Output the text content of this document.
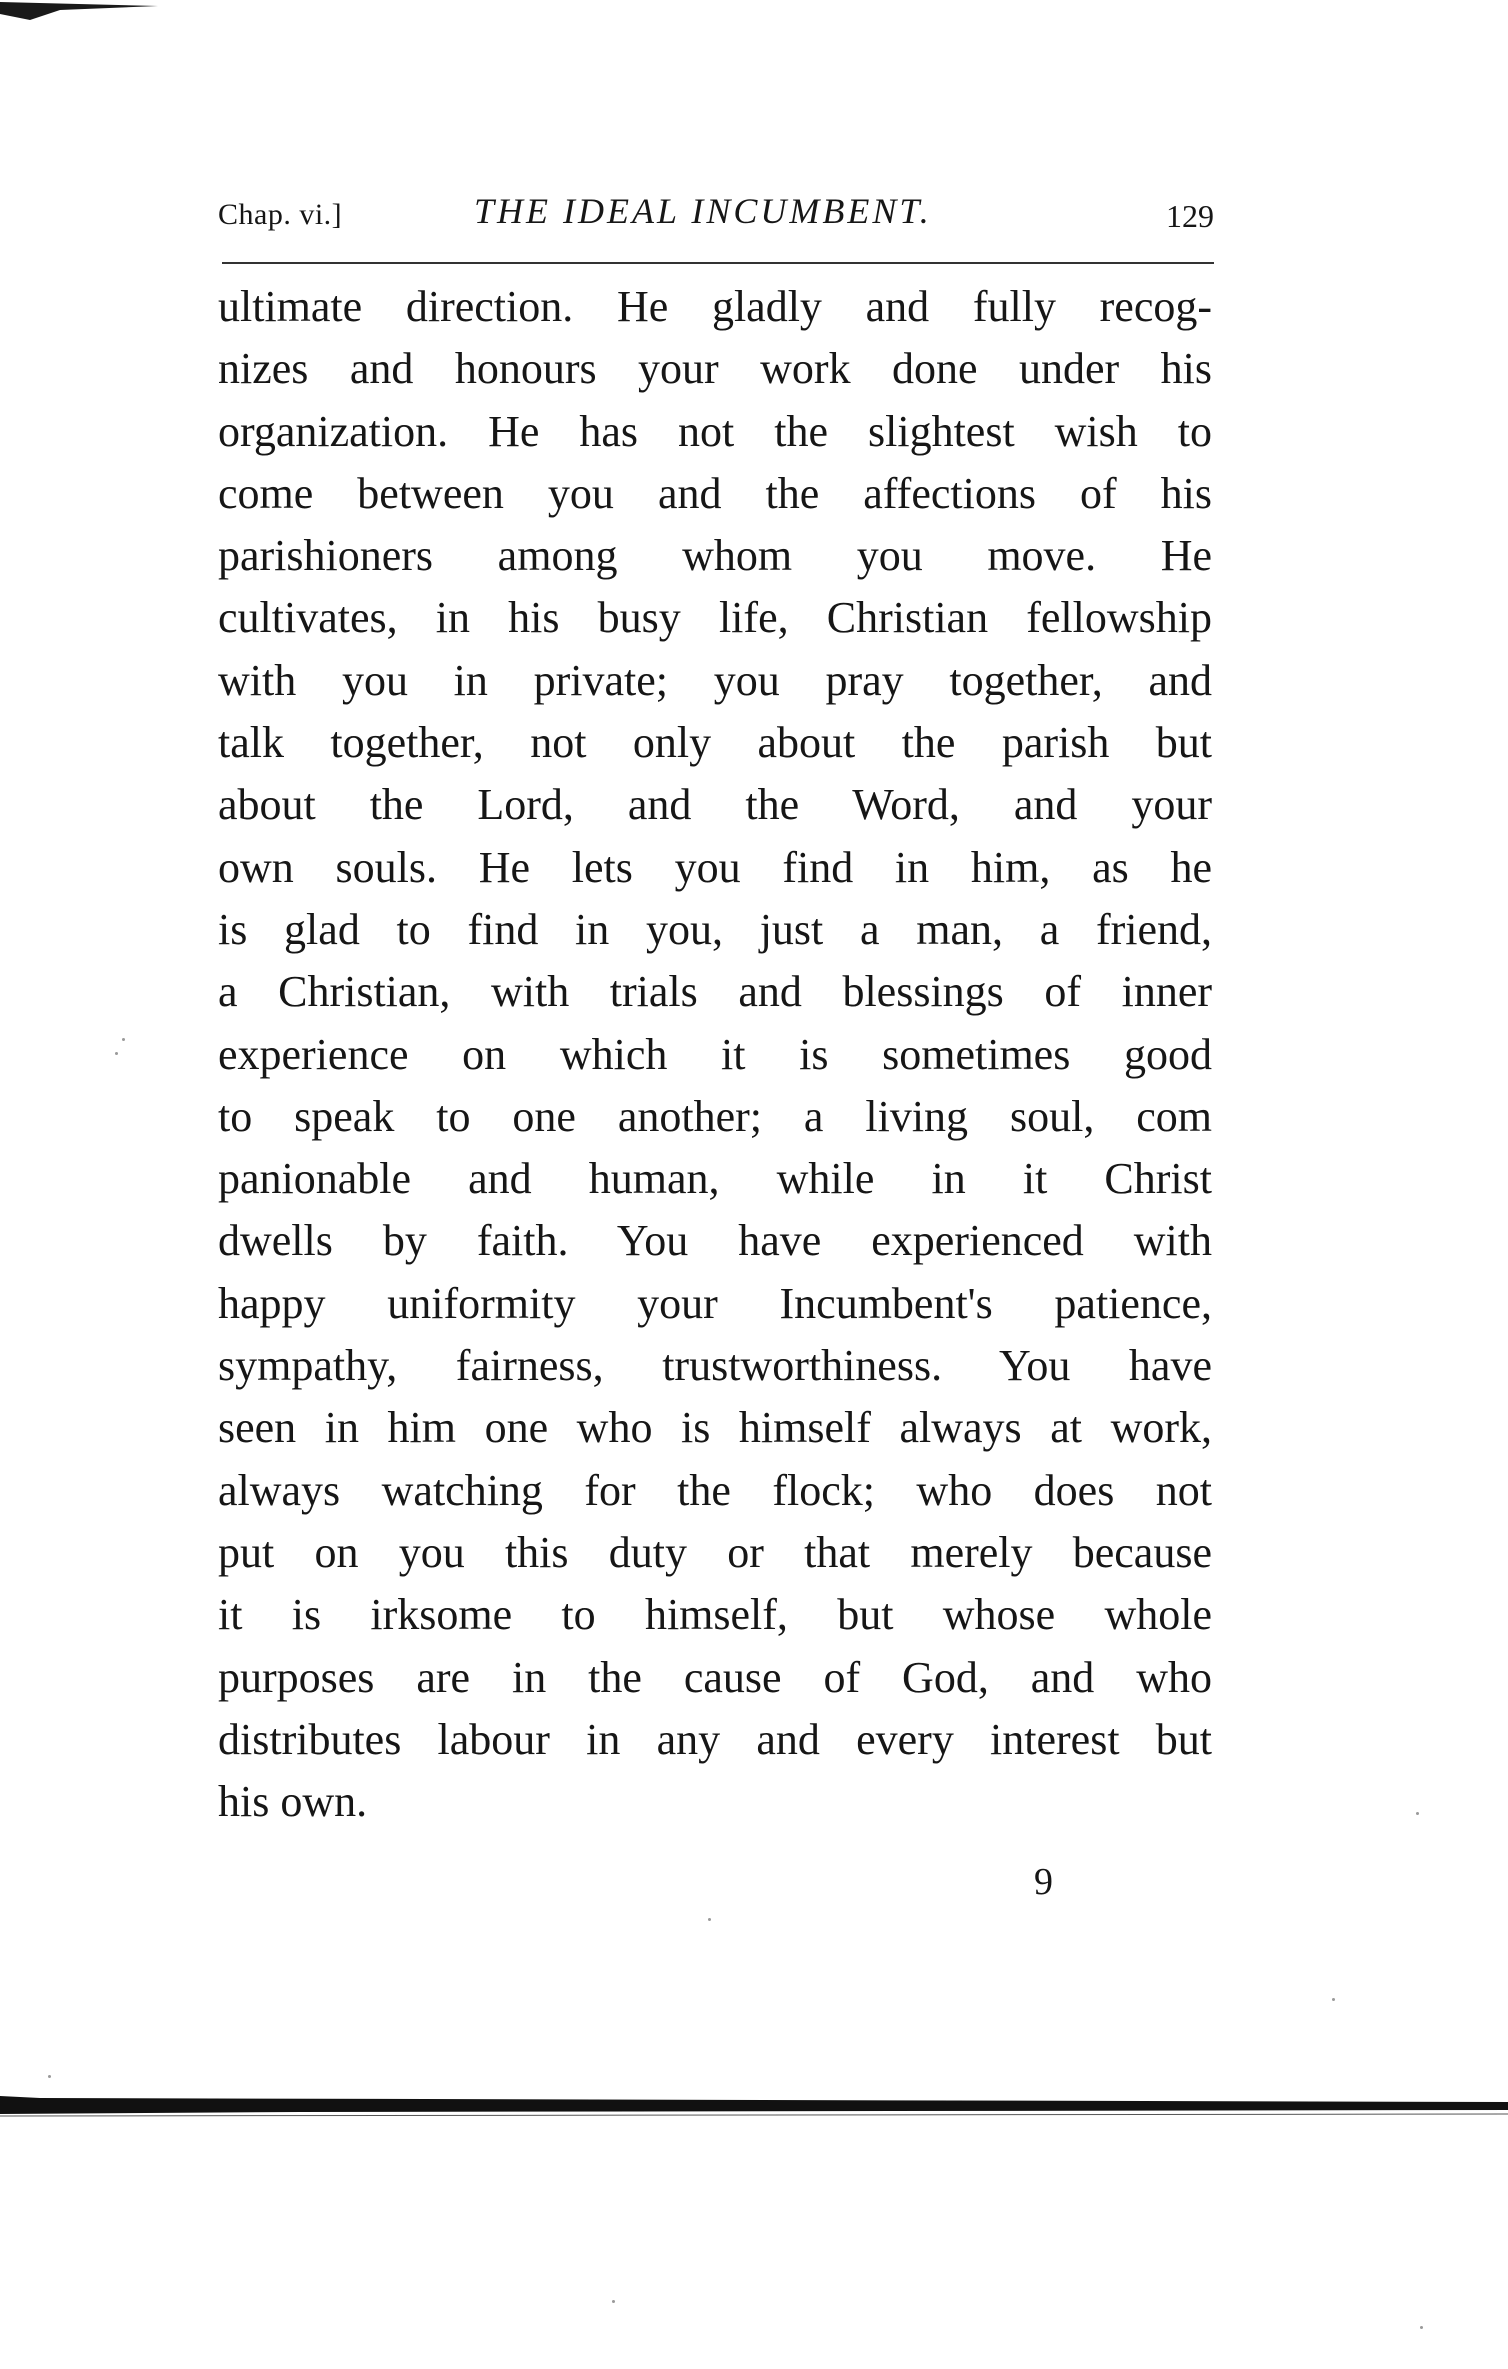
Chap. vi.]	THE IDEAL INCUMBENT.	129
ultimate direction. He gladly and fully recog-
nizes and honours your work done under his
organization. He has not the slightest wish to
come between you and the affections of his
parishioners among whom you move. He
cultivates, in his busy life, Christian fellowship
with you in private; you pray together, and
talk together, not only about the parish but
about the Lord, and the Word, and your
own souls. He lets you find in him, as he
is glad to find in you, just a man, a friend,
a Christian, with trials and blessings of inner
experience on which it is sometimes good
to speak to one another; a living soul, com
panionable and human, while in it Christ
dwells by faith. You have experienced with
happy uniformity your Incumbent's patience,
sympathy, fairness, trustworthiness. You have
seen in him one who is himself always at work,
always watching for the flock; who does not
put on you this duty or that merely because
it is irksome to himself, but whose whole
purposes are in the cause of God, and who
distributes labour in any and every interest but
his own.
9
